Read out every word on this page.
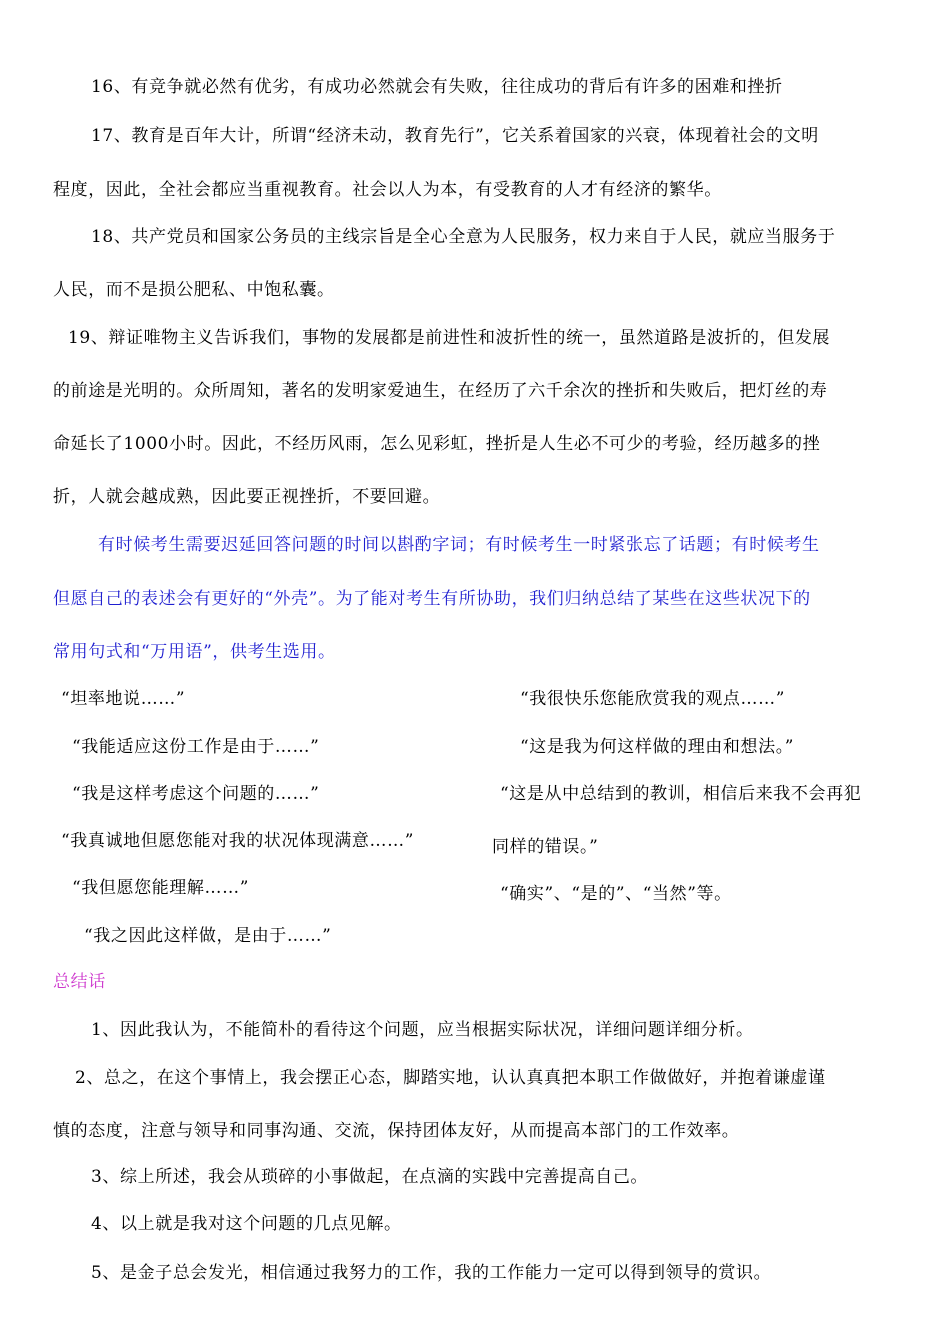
16、有竞争就必然有优劣，有成功必然就会有失败，往往成功的背后有许多的困难和挫折

17、教育是百年大计，所谓“经济未动，教育先行”，它关系着国家的兴衰，体现着社会的文明

程度，因此，全社会都应当重视教育。社会以人为本，有受教育的人才有经济的繁华。

18、共产党员和国家公务员的主线宗旨是全心全意为人民服务，权力来自于人民，就应当服务于

人民，而不是损公肥私、中饱私囊。

19、辩证唯物主义告诉我们，事物的发展都是前进性和波折性的统一，虽然道路是波折的，但发展

的前途是光明的。众所周知，著名的发明家爱迪生，在经历了六千余次的挫折和失败后，把灯丝的寿

命延长了1000小时。因此，不经历风雨，怎么见彩虹，挫折是人生必不可少的考验，经历越多的挫

折，人就会越成熟，因此要正视挫折，不要回避。

有时候考生需要迟延回答问题的时间以斟酌字词；有时候考生一时紧张忘了话题；有时候考生

但愿自己的表述会有更好的“外壳”。为了能对考生有所协助，我们归纳总结了某些在这些状况下的

常用句式和“万用语”，供考生选用。

“坦率地说……”

“我能适应这份工作是由于……”

“我是这样考虑这个问题的……”

“我真诚地但愿您能对我的状况体现满意……”

“我但愿您能理解……”

“我之因此这样做，是由于……”

“我很快乐您能欣赏我的观点……”

“这是我为何这样做的理由和想法。”

“这是从中总结到的教训，相信后来我不会再犯

同样的错误。”

“确实”、“是的”、“当然”等。

总结话

1、因此我认为，不能简朴的看待这个问题，应当根据实际状况，详细问题详细分析。

2、总之，在这个事情上，我会摆正心态，脚踏实地，认认真真把本职工作做做好，并抱着谦虚谨

慎的态度，注意与领导和同事沟通、交流，保持团体友好，从而提高本部门的工作效率。

3、综上所述，我会从琐碎的小事做起，在点滴的实践中完善提高自己。

4、以上就是我对这个问题的几点见解。

5、是金子总会发光，相信通过我努力的工作，我的工作能力一定可以得到领导的赏识。
